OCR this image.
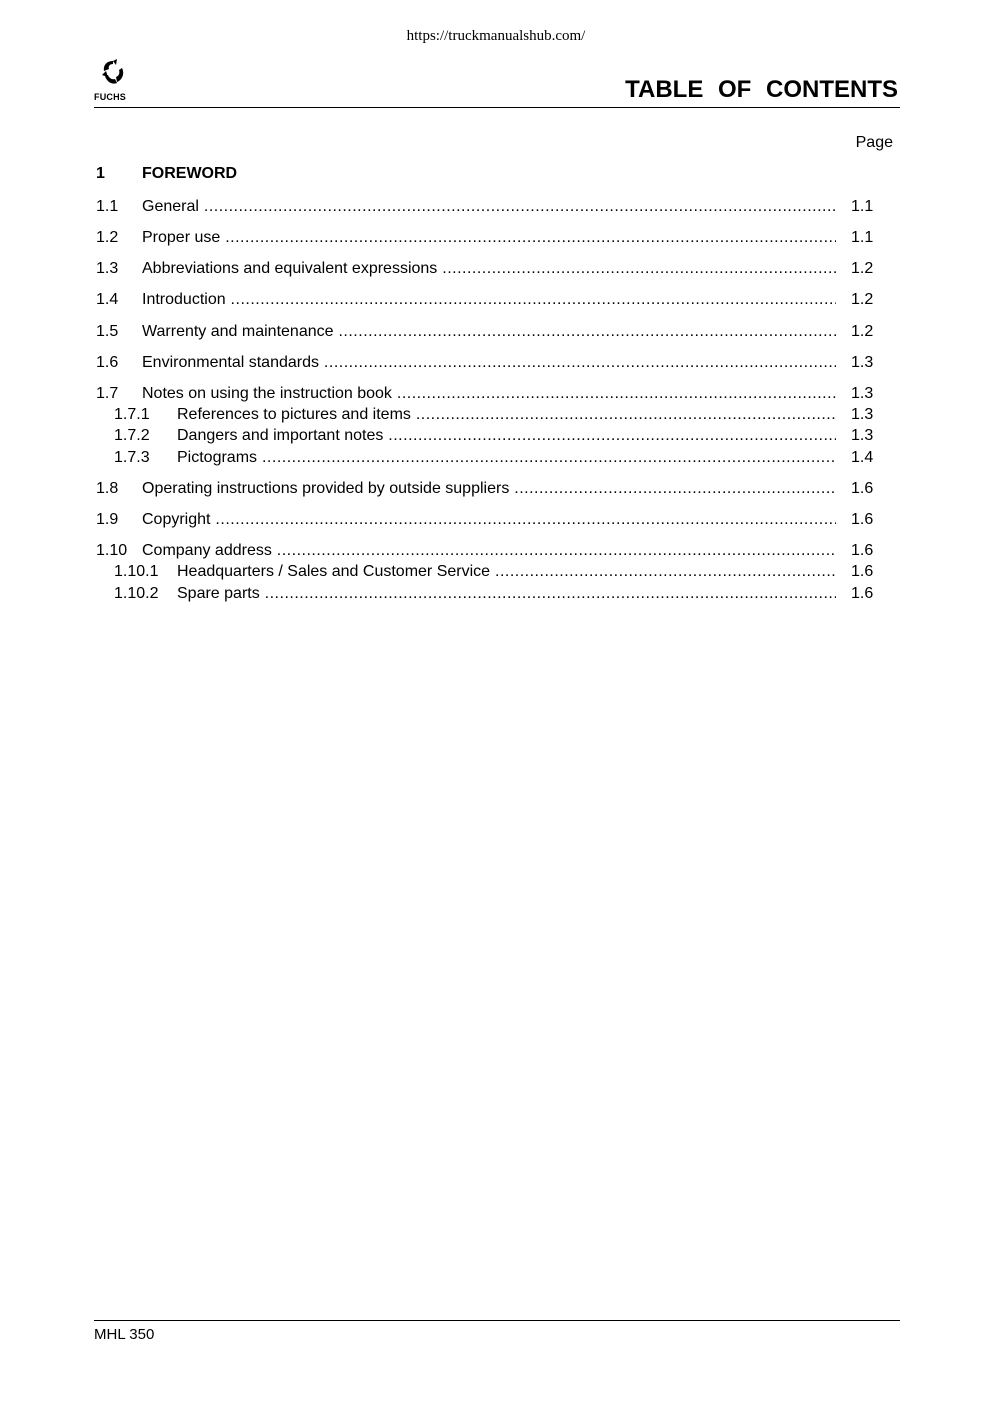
https://truckmanualshub.com/
FUCHS	TABLE OF CONTENTS
Page
1 FOREWORD
1.1 General .....	1.1
1.2 Proper use .....	1.1
1.3 Abbreviations and equivalent expressions .....	1.2
1.4 Introduction .....	1.2
1.5 Warrenty and maintenance .....	1.2
1.6 Environmental standards .....	1.3
1.7 Notes on using the instruction book .....	1.3
1.7.1 References to pictures and items .....	1.3
1.7.2 Dangers and important notes .....	1.3
1.7.3 Pictograms .....	1.4
1.8 Operating instructions provided by outside suppliers .....	1.6
1.9 Copyright .....	1.6
1.10 Company address .....	1.6
1.10.1 Headquarters / Sales and Customer Service .....	1.6
1.10.2 Spare parts .....	1.6
MHL 350
